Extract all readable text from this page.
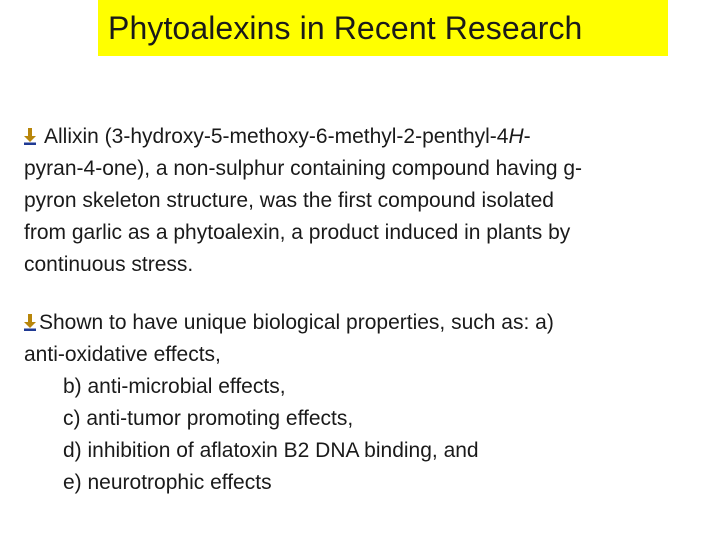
Phytoalexins in Recent Research
Allixin (3-hydroxy-5-methoxy-6-methyl-2-penthyl-4H-
pyran-4-one), a non-sulphur containing compound having g-
pyron skeleton structure, was the first compound isolated
from garlic as a phytoalexin, a product induced in plants by
continuous stress.
Shown to have unique biological properties, such as: a)
anti-oxidative effects,
b) anti-microbial effects,
c) anti-tumor promoting effects,
d) inhibition of aflatoxin B2 DNA binding, and
e) neurotrophic effects
